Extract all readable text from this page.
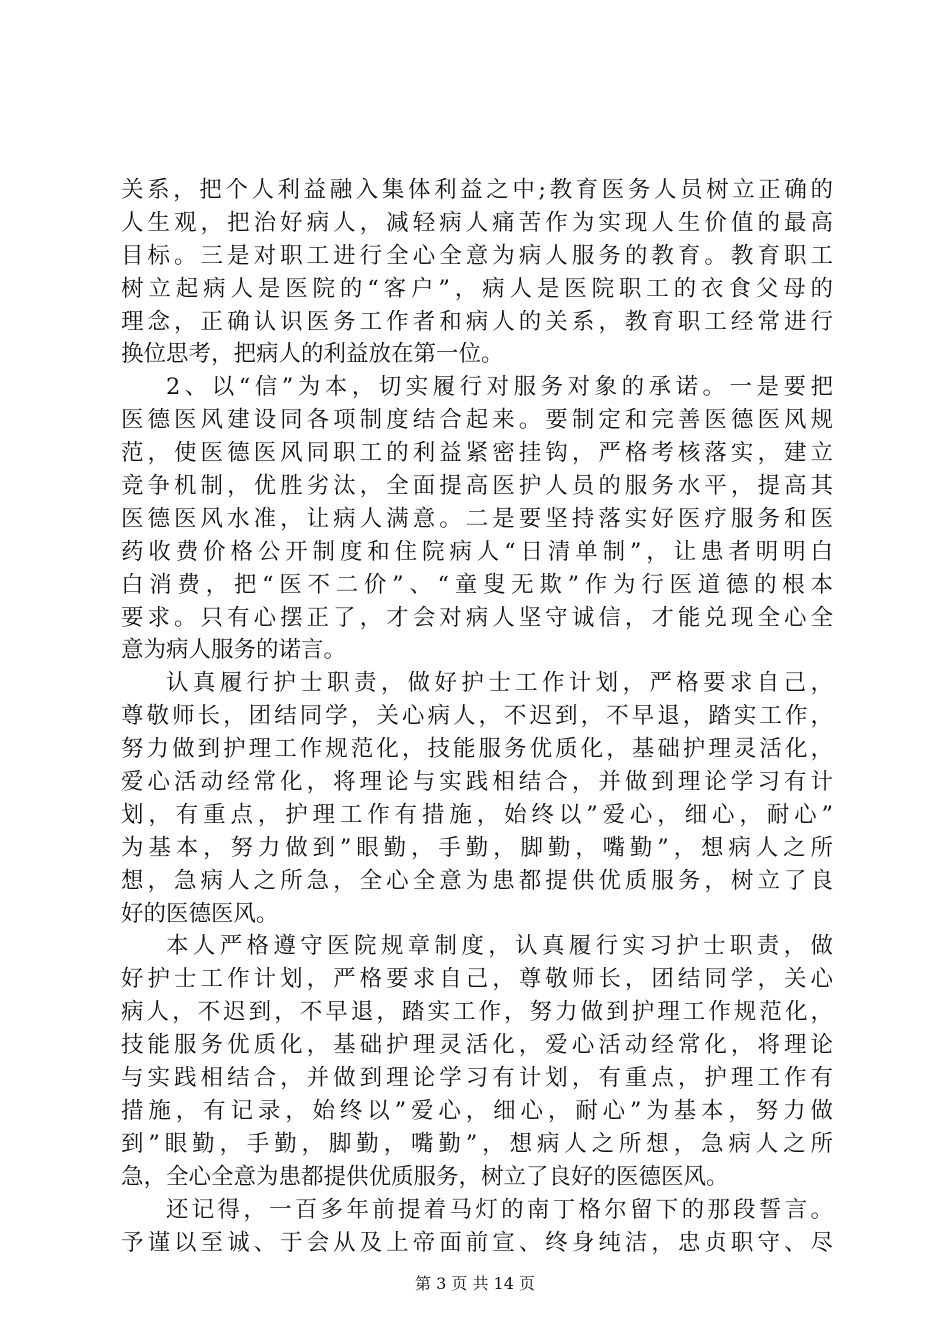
关系，把个人利益融入集体利益之中;教育医务人员树立正确的
人生观，把治好病人，减轻病人痛苦作为实现人生价值的最高
目标。三是对职工进行全心全意为病人服务的教育。教育职工
树立起病人是医院的“客户”，病人是医院职工的衣食父母的
理念，正确认识医务工作者和病人的关系，教育职工经常进行
换位思考，把病人的利益放在第一位。
2、以“信”为本，切实履行对服务对象的承诺。一是要把
医德医风建设同各项制度结合起来。要制定和完善医德医风规
范，使医德医风同职工的利益紧密挂钩，严格考核落实，建立
竞争机制，优胜劣汰，全面提高医护人员的服务水平，提高其
医德医风水准，让病人满意。二是要坚持落实好医疗服务和医
药收费价格公开制度和住院病人“日清单制”，让患者明明白
白消费，把“医不二价”、“童叟无欺”作为行医道德的根本
要求。只有心摆正了，才会对病人坚守诚信，才能兑现全心全
意为病人服务的诺言。
认真履行护士职责，做好护士工作计划，严格要求自己，
尊敬师长，团结同学，关心病人，不迟到，不早退，踏实工作，
努力做到护理工作规范化，技能服务优质化，基础护理灵活化，
爱心活动经常化，将理论与实践相结合，并做到理论学习有计
划，有重点，护理工作有措施，始终以”爱心，细心，耐心”
为基本，努力做到”眼勤，手勤，脚勤，嘴勤”，想病人之所
想，急病人之所急，全心全意为患都提供优质服务，树立了良
好的医德医风。
本人严格遵守医院规章制度，认真履行实习护士职责，做
好护士工作计划，严格要求自己，尊敬师长，团结同学，关心
病人，不迟到，不早退，踏实工作，努力做到护理工作规范化，
技能服务优质化，基础护理灵活化，爱心活动经常化，将理论
与实践相结合，并做到理论学习有计划，有重点，护理工作有
措施，有记录，始终以”爱心，细心，耐心”为基本，努力做
到”眼勤，手勤，脚勤，嘴勤”，想病人之所想，急病人之所
急，全心全意为患都提供优质服务，树立了良好的医德医风。
还记得，一百多年前提着马灯的南丁格尔留下的那段誓言。
予谨以至诚、于会从及上帝面前宣、终身纯洁，忠贞职守、尽
第 3 页 共 14 页
